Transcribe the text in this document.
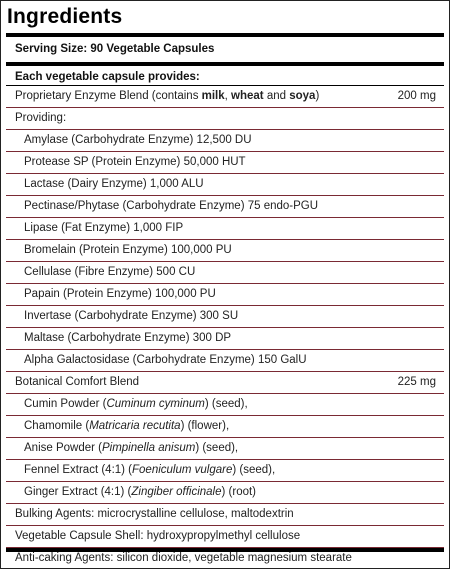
Ingredients
Serving Size: 90 Vegetable Capsules
Each vegetable capsule provides:
Proprietary Enzyme Blend (contains milk, wheat and soya)	200 mg
Providing:
Amylase (Carbohydrate Enzyme) 12,500 DU
Protease SP (Protein Enzyme) 50,000 HUT
Lactase (Dairy Enzyme) 1,000 ALU
Pectinase/Phytase (Carbohydrate Enzyme) 75 endo-PGU
Lipase (Fat Enzyme) 1,000 FIP
Bromelain (Protein Enzyme) 100,000 PU
Cellulase (Fibre Enzyme) 500 CU
Papain (Protein Enzyme) 100,000 PU
Invertase (Carbohydrate Enzyme) 300 SU
Maltase (Carbohydrate Enzyme) 300 DP
Alpha Galactosidase (Carbohydrate Enzyme) 150 GalU
Botanical Comfort Blend	225 mg
Cumin Powder (Cuminum cyminum) (seed),
Chamomile (Matricaria recutita) (flower),
Anise Powder (Pimpinella anisum) (seed),
Fennel Extract (4:1) (Foeniculum vulgare) (seed),
Ginger Extract (4:1) (Zingiber officinale) (root)
Bulking Agents: microcrystalline cellulose, maltodextrin
Vegetable Capsule Shell: hydroxypropylmethyl cellulose
Anti-caking Agents: silicon dioxide, vegetable magnesium stearate
